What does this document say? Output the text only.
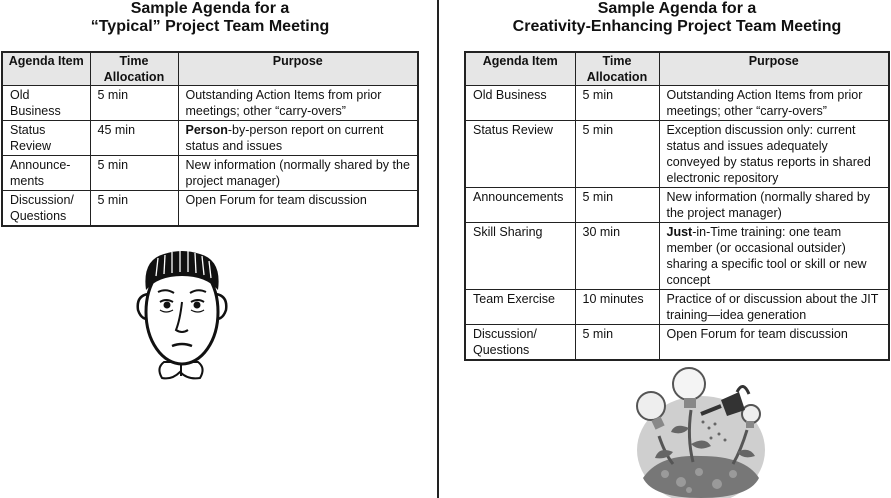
Sample Agenda for a

“Typical” Project Team Meeting

Agenda Item	Time Allocation	Purpose
Old Business	5 min	Outstanding Action Items from prior meetings; other “carry-overs”
Status Review	45 min	Person-by-person report on current status and issues
Announce-ments	5 min	New information (normally shared by the project manager)
Discussion/ Questions	5 min	Open Forum for team discussion

Sample Agenda for a

Creativity-Enhancing Project Team Meeting

Agenda Item	Time Allocation	Purpose
Old Business	5 min	Outstanding Action Items from prior meetings; other “carry-overs”
Status Review	5 min	Exception discussion only: current status and issues adequately conveyed by status reports in shared electronic repository
Announcements	5 min	New information (normally shared by the project manager)
Skill Sharing	30 min	Just-in-Time training: one team member (or occasional outsider) sharing a specific tool or skill or new concept
Team Exercise	10 minutes	Practice of or discussion about the JIT training—idea generation
Discussion/ Questions	5 min	Open Forum for team discussion
